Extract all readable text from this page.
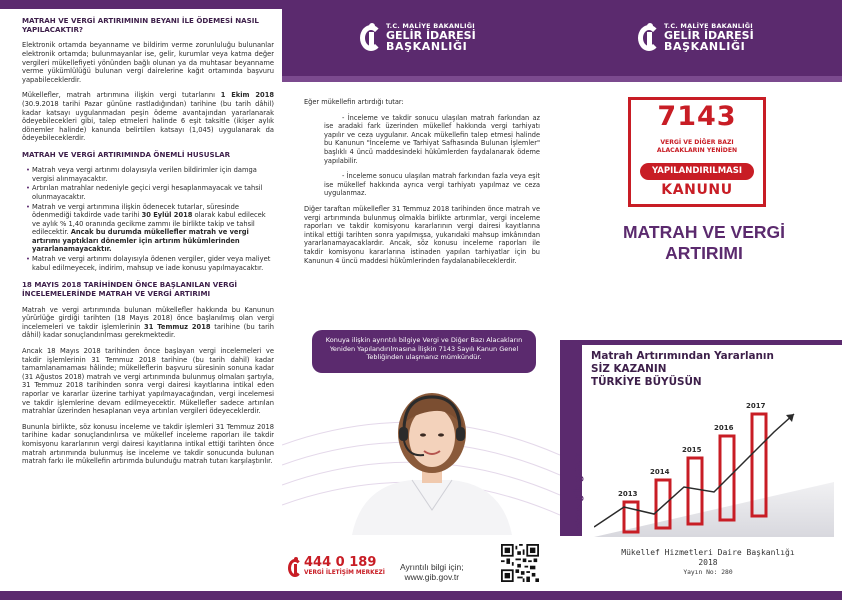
MATRAH VE VERGİ ARTIRIMININ BEYANI İLE ÖDEMESİ NASIL YAPILACAKTIR?

Elektronik ortamda beyanname ve bildirim verme zorunluluğu bulunanlar elektronik ortamda; bulunmayanlar ise, gelir, kurumlar veya katma değer vergileri mükellefiyeti yönünden bağlı olunan ya da muhtasar beyanname verme yükümlülüğü bulunan vergi dairelerine kağıt ortamında başvuru yapabileceklerdir.

Mükellefler, matrah artırımına ilişkin vergi tutarlarını 1 Ekim 2018 (30.9.2018 tarihi Pazar gününe rastladığından) tarihine (bu tarih dâhil) kadar katsayı uygulanmadan peşin ödeme avantajından yararlanarak ödeyebilecekleri gibi, talep etmeleri halinde 6 eşit taksitle (ikişer aylık dönemler halinde) kanunda belirtilen katsayı (1,045) uygulanarak da ödeyebileceklerdir.

MATRAH VE VERGİ ARTIRIMINDA ÖNEMLİ HUSUSLAR
• Matrah veya vergi artırımı dolayısıyla verilen bildirimler için damga vergisi alınmayacaktır.
• Artırılan matrahlar nedeniyle geçici vergi hesaplanmayacak ve tahsil olunmayacaktır.
• Matrah ve vergi artırımına ilişkin ödenecek tutarlar, süresinde ödenmediği takdirde vade tarihi 30 Eylül 2018 olarak kabul edilecek ve aylık % 1,40 oranında gecikme zammı ile birlikte takip ve tahsil edilecektir. Ancak bu durumda mükellefler matrah ve vergi artırımı yaptıkları dönemler için artırım hükümlerinden yararlanamayacaktır.
• Matrah ve vergi artırımı dolayısıyla ödenen vergiler, gider veya maliyet kabul edilmeyecek, indirim, mahsup ve iade konusu yapılmayacaktır.
18 MAYIS 2018 TARİHİNDEN ÖNCE BAŞLANILAN VERGİ İNCELEMELERİNDE MATRAH VE VERGİ ARTIRIMI

Matrah ve vergi artırımında bulunan mükellefler hakkında bu Kanunun yürürlüğe girdiği tarihten (18 Mayıs 2018) önce başlanılmış olan vergi incelemeleri ve takdir işlemlerinin 31 Temmuz 2018 tarihine (bu tarih dâhil) kadar sonuçlandırılması gerekmektedir.

Ancak 18 Mayıs 2018 tarihinden önce başlayan vergi incelemeleri ve takdir işlemlerinin 31 Temmuz 2018 tarihine (bu tarih dahil) kadar tamamlanamaması hâlinde; mükelleflerin başvuru süresinin sonuna kadar (31 Ağustos 2018) matrah ve vergi artırımında bulunmuş olmaları şartıyla, 31 Temmuz 2018 tarihinden sonra vergi dairesi kayıtlarına intikal eden raporlar ve kararlar üzerine tarhiyat yapılmayacağından, vergi incelemesi ve takdir işlemlerine devam edilmeyecektir. Mükellefler sadece artırılan matrahlar üzerinden hesaplanan veya artırılan vergileri ödeyeceklerdir.

Bununla birlikte, söz konusu inceleme ve takdir işlemleri 31 Temmuz 2018 tarihine kadar sonuçlandırılırsa ve mükellef inceleme raporları ile takdir komisyonu kararlarının vergi dairesi kayıtlarına intikal ettiği tarihten önce matrah artırımında bulunmuş ise inceleme ve takdir sonucunda bulunan matrah farkı ile mükellefin artırımda bulunduğu matrah tutarı karşılaştırılır.

T.C. MALİYE BAKANLIĞI
GELİR İDARESİ
BAŞKANLIĞI

Eğer mükellefin artırdığı tutar:

- İnceleme ve takdir sonucu ulaşılan matrah farkından az ise aradaki fark üzerinden mükellef hakkında vergi tarhiyatı yapılır ve ceza uygulanır. Ancak mükellefin talep etmesi halinde bu Kanunun "İnceleme ve Tarhiyat Safhasında Bulunan İşlemler" başlıklı 4 üncü maddesindeki hükümlerden faydalanarak ödeme yapılabilir.

- İnceleme sonucu ulaşılan matrah farkından fazla veya eşit ise mükellef hakkında ayrıca vergi tarhiyatı yapılmaz ve ceza uygulanmaz.

Diğer taraftan mükellefler 31 Temmuz 2018 tarihinden önce matrah ve vergi artırımında bulunmuş olmakla birlikte artırımlar, vergi inceleme raporları ve takdir komisyonu kararlarının vergi dairesi kayıtlarına intikal ettiği tarihten sonra yapılmışsa, yukarıdaki mahsup imkânından yararlanamayacaklardır. Ancak, söz konusu inceleme raporları ile takdir komisyonu kararlarına istinaden yapılan tarhiyatlar için bu Kanunun 4 üncü maddesi hükümlerinden faydalanabileceklerdir.

Konuya ilişkin ayrıntılı bilgiye Vergi ve Diğer Bazı Alacakların Yeniden Yapılandırılmasına İlişkin 7143 Sayılı Kanun Genel Tebliğinden ulaşmanız mümkündür.
444 0 189
VERGİ İLETİŞİM MERKEZİ
Ayrıntılı bilgi için;
www.gib.gov.tr
T.C. MALİYE BAKANLIĞI
GELİR İDARESİ
BAŞKANLIĞI
7143
VERGİ VE DİĞER BAZI
ALACAKLARIN YENİDEN
YAPILANDIRILMASI
KANUNU
MATRAH VE VERGİ
ARTIRIMI
www.gib.gov.tr
Matrah Artırımından Yararlanın
SİZ KAZANIN
TÜRKİYE BÜYÜSÜN
2013
2014
2015
2016
2017
Mükellef Hizmetleri Daire Başkanlığı
2018
Yayın No: 280
